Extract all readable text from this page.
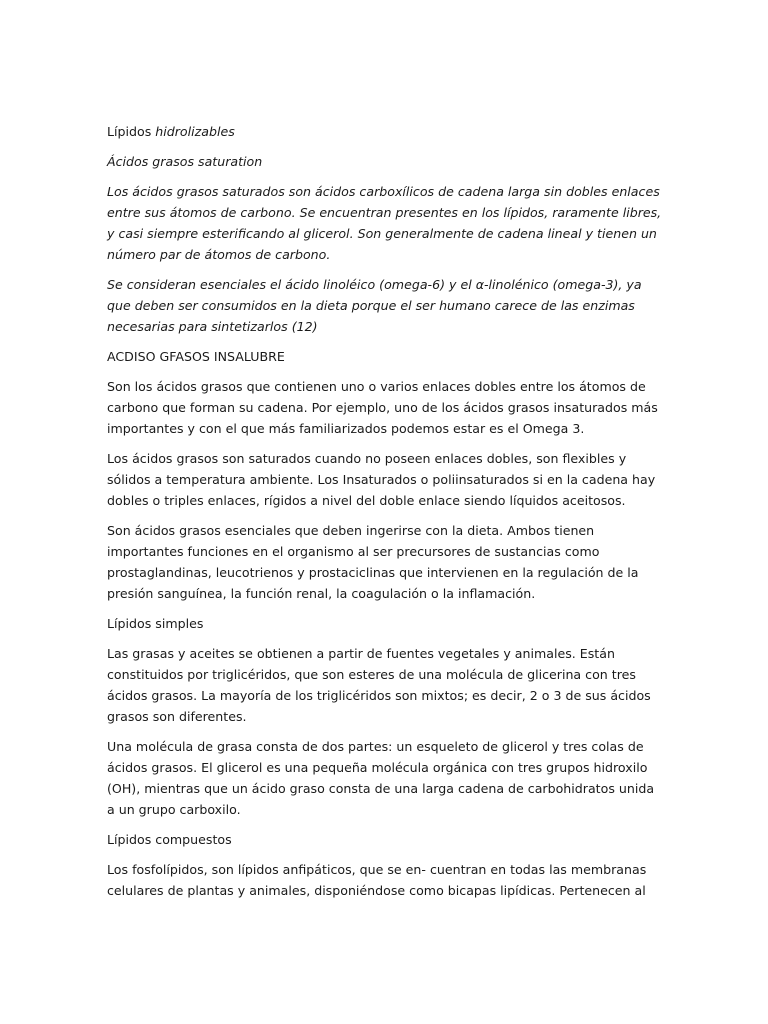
Lípidos hidrolizables

Ácidos grasos saturation

Los ácidos grasos saturados son ácidos carboxílicos de cadena larga sin dobles enlaces entre sus átomos de carbono. Se encuentran presentes en los lípidos, raramente libres, y casi siempre esterificando al glicerol. Son generalmente de cadena lineal y tienen un número par de átomos de carbono.

Se consideran esenciales el ácido linoléico (omega-6) y el α-linolénico (omega-3), ya que deben ser consumidos en la dieta porque el ser humano carece de las enzimas necesarias para sintetizarlos (12)

ACDISO GFASOS INSALUBRE

Son los ácidos grasos que contienen uno o varios enlaces dobles entre los átomos de carbono que forman su cadena. Por ejemplo, uno de los ácidos grasos insaturados más importantes y con el que más familiarizados podemos estar es el Omega 3.

Los ácidos grasos son saturados cuando no poseen enlaces dobles, son flexibles y sólidos a temperatura ambiente. Los Insaturados o poliinsaturados si en la cadena hay dobles o triples enlaces, rígidos a nivel del doble enlace siendo líquidos aceitosos.

Son ácidos grasos esenciales que deben ingerirse con la dieta. Ambos tienen importantes funciones en el organismo al ser precursores de sustancias como prostaglandinas, leucotrienos y prostaciclinas que intervienen en la regulación de la presión sanguínea, la función renal, la coagulación o la inflamación.

Lípidos simples

Las grasas y aceites se obtienen a partir de fuentes vegetales y animales. Están constituidos por triglicéridos, que son esteres de una molécula de glicerina con tres ácidos grasos. La mayoría de los triglicéridos son mixtos; es decir, 2 o 3 de sus ácidos grasos son diferentes.

Una molécula de grasa consta de dos partes: un esqueleto de glicerol y tres colas de ácidos grasos. El glicerol es una pequeña molécula orgánica con tres grupos hidroxilo (OH), mientras que un ácido graso consta de una larga cadena de carbohidratos unida a un grupo carboxilo.

Lípidos compuestos

Los fosfolípidos, son lípidos anfipáticos, que se en- cuentran en todas las membranas celulares de plantas y animales, disponiéndose como bicapas lipídicas. Pertenecen al
